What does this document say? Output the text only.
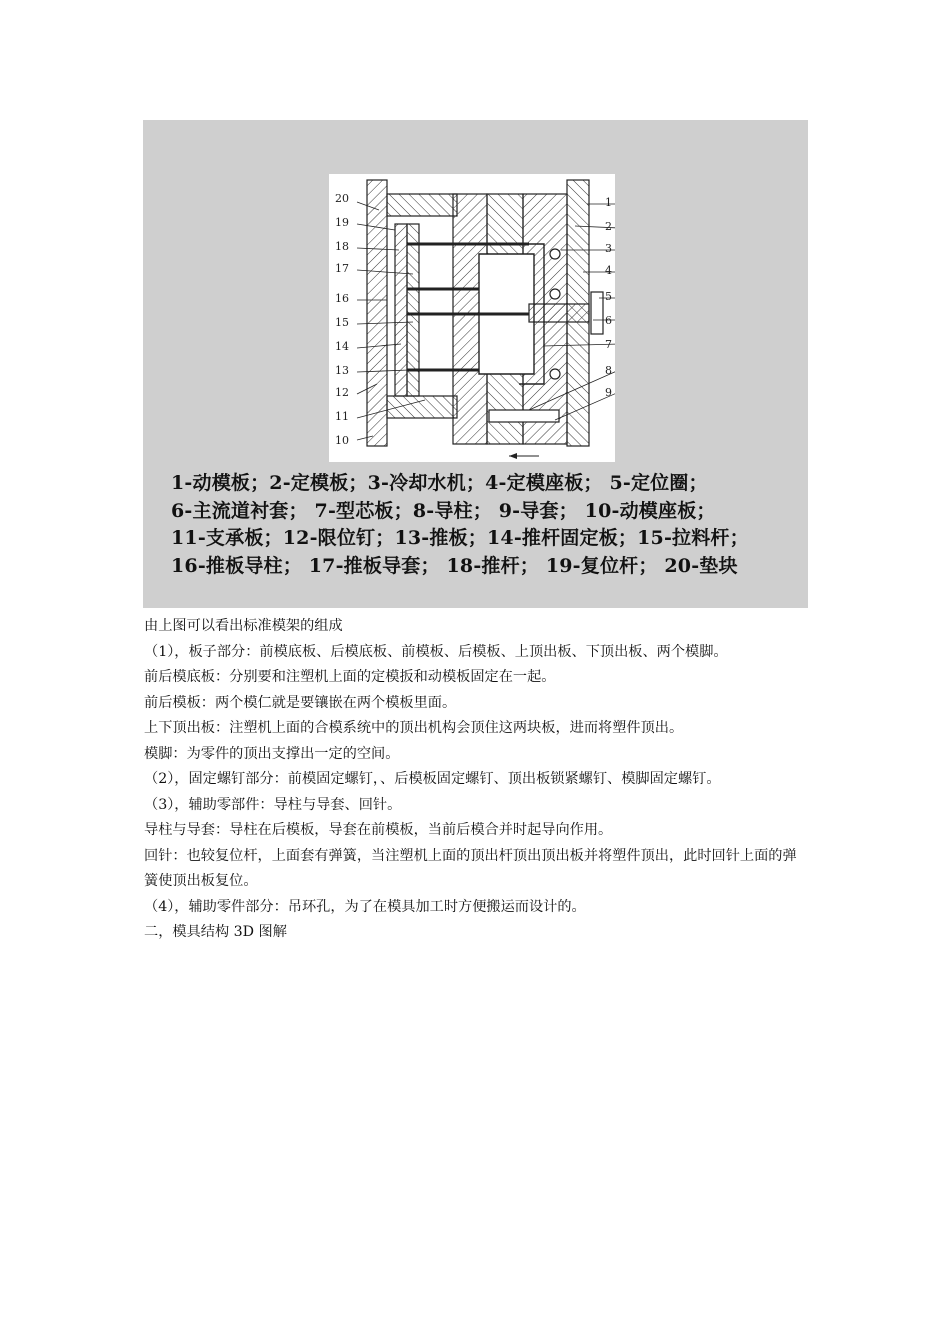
20
19
18
17
16
15
14
13
12
11
10
1
2
3
4
5
6
7
8
9
1-动模板；2-定模板；3-冷却水机；4-定模座板； 5-定位圈；
6-主流道衬套； 7-型芯板；8-导柱； 9-导套； 10-动模座板；
11-支承板；12-限位钉；13-推板；14-推杆固定板；15-拉料杆；
16-推板导柱； 17-推板导套； 18-推杆； 19-复位杆； 20-垫块

由上图可以看出标准模架的组成

（1），板子部分：前模底板、后模底板、前模板、后模板、上顶出板、下顶出板、两个模脚。

前后模底板：分别要和注塑机上面的定模扳和动模板固定在一起。

前后模板：两个模仁就是要镶嵌在两个模板里面。

上下顶出板：注塑机上面的合模系统中的顶出机构会顶住这两块板，进而将塑件顶出。

模脚：为零件的顶出支撑出一定的空间。

（2），固定螺钉部分：前模固定螺钉，、后模板固定螺钉、顶出板锁紧螺钉、模脚固定螺钉。

（3），辅助零部件：导柱与导套、回针。

导柱与导套：导柱在后模板，导套在前模板，当前后模合并时起导向作用。

回针：也较复位杆，上面套有弹簧，当注塑机上面的顶出杆顶出顶出板并将塑件顶出，此时回针上面的弹簧使顶出板复位。

（4），辅助零件部分：吊环孔，为了在模具加工时方便搬运而设计的。

二，模具结构 3D 图解
